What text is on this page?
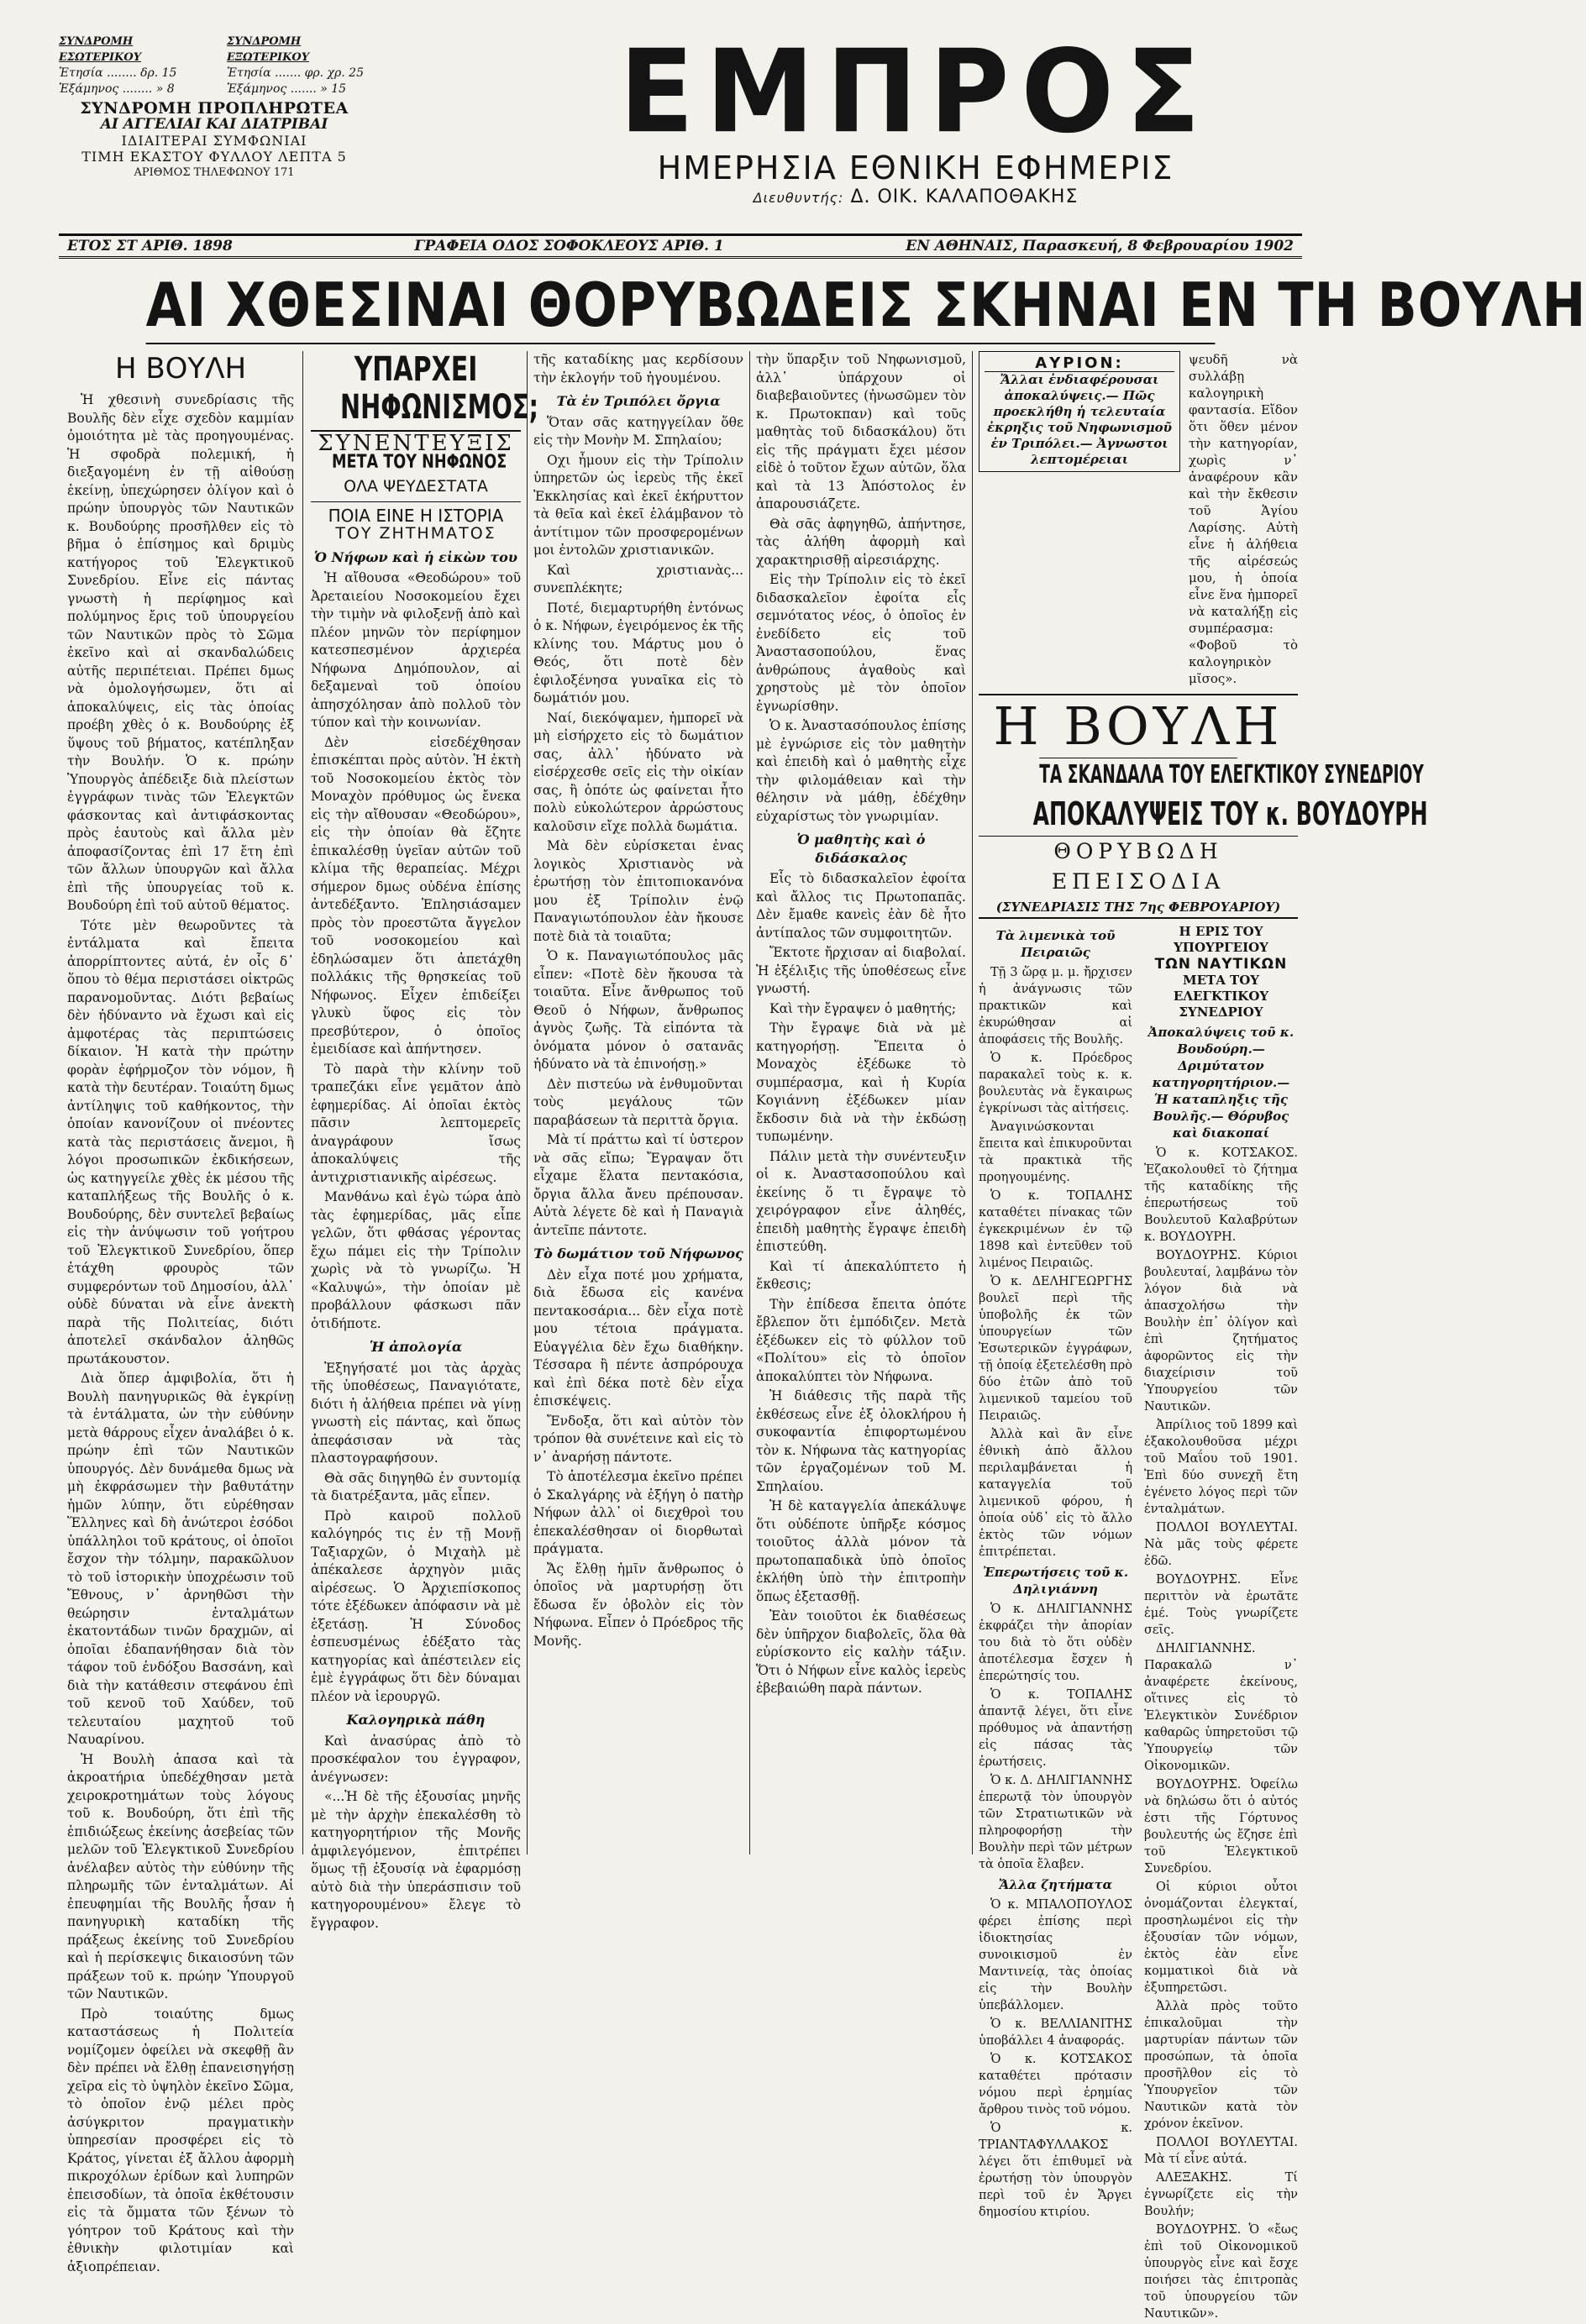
ΣΥΝΔΡΟΜΗ ΕΣΩΤΕΡΙΚΟΥ
Ἐτησία ........ δρ. 15
Ἑξάμηνος ........ » 8
ΣΥΝΔΡΟΜΗ ΕΞΩΤΕΡΙΚΟΥ
Ἐτησία ....... φρ. χρ. 25
Ἑξάμηνος ....... » 15
ΣΥΝΔΡΟΜΗ ΠΡΟΠΛΗΡΩΤΕΑ
ΑΙ ΑΓΓΕΛΙΑΙ ΚΑΙ ΔΙΑΤΡΙΒΑΙ
ΙΔΙΑΙΤΕΡΑΙ ΣΥΜΦΩΝΙΑΙ
ΤΙΜΗ ΕΚΑΣΤΟΥ ΦΥΛΛΟΥ ΛΕΠΤΑ 5
ΑΡΙΘΜΟΣ ΤΗΛΕΦΩΝΟΥ 171
ΕΜΠΡΟΣ
ΗΜΕΡΗΣΙΑ ΕΘΝΙΚΗ ΕΦΗΜΕΡΙΣ
Διευθυντής: Δ. ΟΙΚ. ΚΑΛΑΠΟΘΑΚΗΣ
ΕΤΟΣ ΣΤ ΑΡΙΘ. 1898	ΓΡΑΦΕΙΑ ΟΔΟΣ ΣΟΦΟΚΛΕΟΥΣ ΑΡΙΘ. 1	ΕΝ ΑΘΗΝΑΙΣ, Παρασκευή, 8 Φεβρουαρίου 1902
ΑΙ ΧΘΕΣΙΝΑΙ ΘΟΡΥΒΩΔΕΙΣ ΣΚΗΝΑΙ ΕΝ ΤΗ ΒΟΥΛΗ
Η ΒΟΥΛΗ

Ἡ χθεσινὴ συνεδρίασις τῆς Βουλῆς δὲν εἶχε σχεδὸν καμμίαν ὁμοιότητα μὲ τὰς προηγουμένας. Ἡ σφοδρὰ πολεμική, ἡ διεξαγομένη ἐν τῇ αἰθούσῃ ἐκείνῃ, ὑπεχώρησεν ὀλίγον καὶ ὁ πρώην ὑπουργὸς τῶν Ναυτικῶν κ. Βουδούρης προσῆλθεν εἰς τὸ βῆμα ὁ ἐπίσημος καὶ δριμὺς κατήγορος τοῦ Ἐλεγκτικοῦ Συνεδρίου. Εἶνε εἰς πάντας γνωστὴ ἡ περίφημος καὶ πολύμηνος ἔρις τοῦ ὑπουργείου τῶν Ναυτικῶν πρὸς τὸ Σῶμα ἐκεῖνο καὶ αἱ σκανδαλώδεις αὐτῆς περιπέτειαι. Πρέπει δμως νὰ ὁμολογήσωμεν, ὅτι αἱ ἀποκαλύψεις, εἰς τὰς ὁποίας προέβη χθὲς ὁ κ. Βουδούρης ἐξ ὕψους τοῦ βήματος, κατέπληξαν τὴν Βουλήν. Ὁ κ. πρώην Ὑπουργὸς ἀπέδειξε διὰ πλείστων ἐγγράφων τινὰς τῶν Ἐλεγκτῶν φάσκοντας καὶ ἀντιφάσκοντας πρὸς ἑαυτοὺς καὶ ἄλλα μὲν ἀποφασίζοντας ἐπὶ 17 ἔτη ἐπὶ τῶν ἄλλων ὑπουργῶν καὶ ἄλλα ἐπὶ τῆς ὑπουργείας τοῦ κ. Βουδούρη ἐπὶ τοῦ αὐτοῦ θέματος.

Τότε μὲν θεωροῦντες τὰ ἐντάλματα καὶ ἔπειτα ἀπορρίπτοντες αὐτά, ἐν οἷς δ᾽ ὅπου τὸ θέμα περιστάσει οἰκτρῶς παρανομοῦντας. Διότι βεβαίως δὲν ἠδύναντο νὰ ἔχωσι καὶ εἰς ἀμφοτέρας τὰς περιπτώσεις δίκαιον. Ἡ κατὰ τὴν πρώτην φορὰν ἐφήρμοζον τὸν νόμον, ἢ κατὰ τὴν δευτέραν. Τοιαύτη δμως ἀντίληψις τοῦ καθήκοντος, τὴν ὁποίαν κανονίζουν οἱ πνέοντες κατὰ τὰς περιστάσεις ἄνεμοι, ἢ λόγοι προσωπικῶν ἐκδικήσεων, ὡς κατηγγείλε χθὲς ἐκ μέσου τῆς καταπλήξεως τῆς Βουλῆς ὁ κ. Βουδούρης, δὲν συντελεῖ βεβαίως εἰς τὴν ἀνύψωσιν τοῦ γοήτρου τοῦ Ἐλεγκτικοῦ Συνεδρίου, ὅπερ ἐτάχθη φρουρὸς τῶν συμφερόντων τοῦ Δημοσίου, ἀλλ᾽ οὐδὲ δύναται νὰ εἶνε ἀνεκτὴ παρὰ τῆς Πολιτείας, διότι ἀποτελεῖ σκάνδαλον ἀληθῶς πρωτάκουστον.

Διὰ ὅπερ ἀμφιβολία, ὅτι ἡ Βουλὴ πανηγυρικῶς θὰ ἐγκρίνῃ τὰ ἐντάλματα, ὡν τὴν εὐθύνην μετὰ θάρρους εἶχεν ἀναλάβει ὁ κ. πρώην ἐπὶ τῶν Ναυτικῶν ὑπουργός. Δὲν δυνάμεθα δμως νὰ μὴ ἐκφράσωμεν τὴν βαθυτάτην ἡμῶν λύπην, ὅτι εὑρέθησαν Ἕλληνες καὶ δὴ ἀνώτεροι ἐσόδοι ὑπάλληλοι τοῦ κράτους, οἱ ὁποῖοι ἔσχον τὴν τόλμην, παρακῶλυον τὸ τοῦ ἱστορικὴν ὑποχρέωσιν τοῦ Ἔθνους, ν᾽ ἀρνηθῶσι τὴν θεώρησιν ἐνταλμάτων ἑκατοντάδων τινῶν δραχμῶν, αἱ ὁποῖαι ἐδαπανήθησαν διὰ τὸν τάφον τοῦ ἐνδόξου Βασσάνη, καὶ διὰ τὴν κατάθεσιν στεφάνου ἐπὶ τοῦ κενοῦ τοῦ Χαύδεν, τοῦ τελευταίου μαχητοῦ τοῦ Ναυαρίνου.

Ἡ Βουλὴ ἁπασα καὶ τὰ ἀκροατήρια ὑπεδέχθησαν μετὰ χειροκροτημάτων τοὺς λόγους τοῦ κ. Βουδούρη, ὅτι ἐπὶ τῆς ἐπιδιώξεως ἐκείνης ἀσεβείας τῶν μελῶν τοῦ Ἐλεγκτικοῦ Συνεδρίου ἀνέλαβεν αὐτὸς τὴν εὐθύνην τῆς πληρωμῆς τῶν ἐνταλμάτων. Αἱ ἐπευφημίαι τῆς Βουλῆς ἦσαν ἡ πανηγυρικὴ καταδίκη τῆς πράξεως ἐκείνης τοῦ Συνεδρίου καὶ ἡ περίσκεψις δικαιοσύνη τῶν πράξεων τοῦ κ. πρώην Ὑπουργοῦ τῶν Ναυτικῶν.

Πρὸ τοιαύτης δμως καταστάσεως ἡ Πολιτεία νομίζομεν ὀφείλει νὰ σκεφθῇ ἂν δὲν πρέπει νὰ ἔλθῃ ἐπανεισηγήσῃ χεῖρα εἰς τὸ ὑψηλὸν ἐκεῖνο Σῶμα, τὸ ὁποῖον ἐνῷ μέλει πρὸς ἀσύγκριτον πραγματικὴν ὑπηρεσίαν προσφέρει εἰς τὸ Κράτος, γίνεται ἐξ ἄλλου ἀφορμὴ πικροχόλων ἐρίδων καὶ λυπηρῶν ἐπεισοδίων, τὰ ὁποῖα ἐκθέτουσιν εἰς τὰ ὄμματα τῶν ξένων τὸ γόητρον τοῦ Κράτους καὶ τὴν ἐθνικὴν φιλοτιμίαν καὶ ἀξιοπρέπειαν.

ΥΠΑΡΧΕΙ
ΝΗΦΩΝΙΣΜΟΣ;
ΣΥΝΕΝΤΕΥΞΙΣ
ΜΕΤΑ ΤΟΥ ΝΗΦΩΝΟΣ
ΟΛΑ ΨΕΥΔΕΣΤΑΤΑ
ΠΟΙΑ ΕΙΝΕ Η ΙΣΤΟΡΙΑ
ΤΟΥ ΖΗΤΗΜΑΤΟΣ
Ὁ Νήφων καὶ ἡ εἰκὼν του

Ἡ αἴθουσα «Θεοδώρου» τοῦ Ἀρεταιείου Νοσοκομείου ἔχει τὴν τιμὴν νὰ φιλοξενῇ ἀπὸ καὶ πλέον μηνῶν τὸν περίφημον κατεσπεσμένον ἀρχιερέα Νήφωνα Δημόπουλον, αἱ δεξαμεναὶ τοῦ ὁποίου ἀπησχόλησαν ἀπὸ πολλοῦ τὸν τύπον καὶ τὴν κοινωνίαν.

Δὲν εἰσεδέχθησαν ἐπισκέπται πρὸς αὐτὸν. Ἡ ἐκτὴ τοῦ Νοσοκομείου ἐκτὸς τὸν Μοναχὸν πρόθυμος ὡς ἔνεκα εἰς τὴν αἴθουσαν «Θεοδώρου», εἰς τὴν ὁποίαν θὰ ἔζητε ἐπικαλέσθῃ ὑγεῖαν αὐτῶν τοῦ κλίμα τῆς θεραπείας. Μέχρι σήμερον δμως οὐδένα ἐπίσης ἀντεδέξαντο. Ἐπλησιάσαμεν πρὸς τὸν προεστῶτα ἄγγελον τοῦ νοσοκομείου καὶ ἐδηλώσαμεν ὅτι ἀπετάχθη πολλάκις τῆς θρησκείας τοῦ Νήφωνος. Εἶχεν ἐπιδείξει γλυκὺ ὕφος εἰς τὸν πρεσβύτερον, ὁ ὁποῖος ἐμειδίασε καὶ ἀπήντησεν.

Τὸ παρὰ τὴν κλίνην τοῦ τραπεζάκι εἶνε γεμᾶτον ἀπὸ ἐφημερίδας. Αἱ ὁποῖαι ἐκτὸς πᾶσιν λεπτομερεῖς ἀναγράφουν ἴσως ἀποκαλύψεις τῆς ἀντιχριστιανικῆς αἱρέσεως.

Μανθάνω καὶ ἐγὼ τώρα ἀπὸ τὰς ἐφημερίδας, μᾶς εἶπε γελῶν, ὅτι φθάσας γέροντας ἔχω πάμει εἰς τὴν Τρίπολιν χωρὶς νὰ τὸ γνωρίζω. Ἡ «Καλυψώ», τὴν ὁποίαν μὲ προβάλλουν φάσκωσι πᾶν ὁτιδήποτε.

Ἡ ἀπολογία

Ἐξηγήσατέ μοι τὰς ἀρχὰς τῆς ὑποθέσεως, Παναγιότατε, διότι ἡ ἀλήθεια πρέπει νὰ γίνῃ γνωστὴ εἰς πάντας, καὶ ὅπως ἀπεφάσισαν νὰ τὰς πλαστογραφήσουν.

Θὰ σᾶς διηγηθῶ ἐν συντομίᾳ τὰ διατρέξαντα, μᾶς εἶπεν.

Πρὸ καιροῦ πολλοῦ καλόγηρός τις ἐν τῇ Μονῇ Ταξιαρχῶν, ὁ Μιχαὴλ μὲ ἀπέκαλεσε ἀρχηγὸν μιᾶς αἱρέσεως. Ὁ Ἀρχιεπίσκοπος τότε ἐξέδωκεν ἀπόφασιν νὰ μὲ ἐξετάσῃ. Ἡ Σύνοδος ἐσπευσμένως ἐδέξατο τὰς κατηγορίας καὶ ἀπέστειλεν εἰς ἐμὲ ἐγγράφως ὅτι δὲν δύναμαι πλέον νὰ ἱερουργῶ.

Καλογηρικὰ πάθη

Καὶ ἀνασύρας ἀπὸ τὸ προσκέφαλον του ἐγγραφον, ἀνέγνωσεν:

«...Ἡ δὲ τῆς ἐξουσίας μηνῆς μὲ τὴν ἀρχὴν ἐπεκαλέσθη τὸ κατηγορητήριον τῆς Μονῆς ἀμφιλεγόμενον, ἐπιτρέπει ὅμως τῇ ἐξουσίᾳ νὰ ἐφαρμόσῃ αὐτὸ διὰ τὴν ὑπεράσπισιν τοῦ κατηγορουμένου» ἔλεγε τὸ ἔγγραφον.

τῆς καταδίκης μας κερδίσουν τὴν ἐκλογήν τοῦ ἡγουμένου.

Τὰ ἐν Τριπόλει ὄργια

Ὅταν σᾶς κατηγγείλαν ὅθε εἰς τὴν Μονὴν Μ. Σπηλαίου;

Οχι ἦμουν εἰς τὴν Τρίπολιν ὑπηρετῶν ὡς ἱερεὺς τῆς ἐκεῖ Ἐκκλησίας καὶ ἐκεῖ ἐκήρυττον τὰ θεῖα καὶ ἐκεῖ ἐλάμβανον τὸ ἀντίτιμον τῶν προσφερομένων μοι ἐντολῶν χριστιανικῶν.

Καὶ χριστιανὰς... συνεπλέκητε;

Ποτέ, διεμαρτυρήθη ἐντόνως ὁ κ. Νήφων, ἐγειρόμενος ἐκ τῆς κλίνης του. Μάρτυς μου ὁ Θεός, ὅτι ποτὲ δὲν ἐφιλοξένησα γυναῖκα εἰς τὸ δωμάτιόν μου.

Ναί, διεκόψαμεν, ἡμπορεῖ νὰ μὴ εἰσήρχετο εἰς τὸ δωμάτιον σας, ἀλλ᾽ ἠδύνατο νὰ εἰσέρχεσθε σεῖς εἰς τὴν οἰκίαν σας, ἢ ὁπότε ὡς φαίνεται ἦτο πολὺ εὐκολώτερον ἀρρώστους καλοῦσιν εἴχε πολλὰ δωμάτια.

Μὰ δὲν εὑρίσκεται ἐνας λογικὸς Χριστιανὸς νὰ ἐρωτήσῃ τὸν ἐπιτοπιοκανόνα μου ἐξ Τρίπολιν ἐνῷ Παναγιωτόπουλον ἐὰν ἤκουσε ποτὲ διὰ τὰ τοιαῦτα;

Ὁ κ. Παναγιωτόπουλος μᾶς εἶπεν: «Ποτὲ δὲν ἤκουσα τὰ τοιαῦτα. Εἶνε ἄνθρωπος τοῦ Θεοῦ ὁ Νήφων, ἄνθρωπος ἁγνὸς ζωῆς. Τὰ εἰπόντα τὰ ὀνόματα μόνον ὁ σατανᾶς ἠδύνατο νὰ τὰ ἐπινοήσῃ.»

Δὲν πιστεύω νὰ ἐνθυμοῦνται τοὺς μεγάλους τῶν παραβάσεων τὰ περιττὰ ὄργια.

Μὰ τί πράττω καὶ τί ὑστερον νὰ σᾶς εἴπω; Ἔγραψαν ὅτι εἶχαμε ἕλατα πεντακόσια, ὄργια ἄλλα ἄνευ πρέπουσαν. Αὐτὰ λέγετε δὲ καὶ ἡ Παναγιὰ ἀντεῖπε πάντοτε.

Τὸ δωμάτιον τοῦ Νήφωνος

Δὲν εἶχα ποτέ μου χρήματα, διὰ ἔδωσα εἰς κανένα πεντακοσάρια... δὲν εἶχα ποτὲ μου τέτοια πράγματα. Εὐαγγέλια δὲν ἔχω διαθήκην. Τέσσαρα ἢ πέντε ἀσπρόρουχα καὶ ἐπὶ δέκα ποτὲ δὲν εἶχα ἐπισκέψεις.

Ἔνδοξα, ὅτι καὶ αὐτὸν τὸν τρόπον θὰ συνέτεινε καὶ εἰς τὸ ν᾽ ἀναρήσῃ πάντοτε.

Τὸ ἀποτέλεσμα ἐκεῖνο πρέπει ὁ Σκαλγάρης νὰ ἐξήγη ὁ πατὴρ Νήφων ἀλλ᾽ οἱ διεχθροὶ του ἐπεκαλέσθησαν οἱ διορθωταὶ πράγματα.

Ἄς ἔλθῃ ἡμῖν ἄνθρωπος ὁ ὁποῖος νὰ μαρτυρήσῃ ὅτι ἔδωσα ἕν ὀβολὸν εἰς τὸν Νήφωνα. Εἶπεν ὁ Πρόεδρος τῆς Μονῆς.

τὴν ὕπαρξιν τοῦ Νηφωνισμοῦ, ἀλλ᾽ ὑπάρχουν οἱ διαβεβαιοῦντες (ἠνωσῶμεν τὸν κ. Πρωτοκπαν) καὶ τοῦς μαθητὰς τοῦ διδασκάλου) ὅτι εἰς τῆς πράγματι ἔχει μέσον εἰδὲ ὁ τοῦτον ἔχων αὐτῶν, ὅλα καὶ τὰ 13 Ἀπόστολος ἐν ἀπαρουσιάζετε.

Θὰ σᾶς ἀφηγηθῶ, ἀπήντησε, τὰς ἀλήθη ἀφορμὴ καὶ χαρακτηρισθῇ αἱρεσιάρχης.

Εἰς τὴν Τρίπολιν εἰς τὸ ἐκεῖ διδασκαλεῖον ἐφοίτα εἷς σεμνότατος νέος, ὁ ὁποῖος ἐν ἐνεδίδετο εἰς τοῦ Ἀναστασοπούλου, ἕνας ἀνθρώπους ἀγαθοὺς καὶ χρηστοὺς μὲ τὸν ὁποῖον ἐγνωρίσθην.

Ὁ κ. Ἀναστασόπουλος ἐπίσης μὲ ἐγνώρισε εἰς τὸν μαθητὴν καὶ ἐπειδὴ καὶ ὁ μαθητὴς εἶχε τὴν φιλομάθειαν καὶ τὴν θέλησιν νὰ μάθῃ, ἐδέχθην εὐχαρίστως τὸν γνωριμίαν.

Ὁ μαθητὴς καὶ ὁ διδάσκαλος

Εἷς τὸ διδασκαλεῖον ἐφοίτα καὶ ἄλλος τις Πρωτοπαπᾶς. Δὲν ἔμαθε κανεὶς ἐὰν δὲ ἦτο ἀντίπαλος τῶν συμφοιτητῶν.

Ἔκτοτε ἤρχισαν αἱ διαβολαί. Ἡ ἐξέλιξις τῆς ὑποθέσεως εἶνε γνωστή.

Καὶ τὴν ἔγραψεν ὁ μαθητής;

Τὴν ἔγραψε διὰ νὰ μὲ κατηγορήσῃ. Ἔπειτα ὁ Μοναχὸς ἐξέδωκε τὸ συμπέρασμα, καὶ ἡ Κυρία Κογιάννη ἐξέδωκεν μίαν ἔκδοσιν διὰ νὰ τὴν ἐκδώσῃ τυπωμένην.

Πάλιν μετὰ τὴν συνέντευξιν οἱ κ. Ἀναστασοπούλου καὶ ἐκείνης ὅ τι ἔγραψε τὸ χειρόγραφον εἶνε ἀληθές, ἐπειδὴ μαθητὴς ἔγραψε ἐπειδὴ ἐπιστεύθη.

Καὶ τί ἀπεκαλύπτετο ἡ ἔκθεσις;

Τὴν ἐπίδεσα ἔπειτα ὁπότε ἔβλεπον ὅτι ἐμπόδιζεν. Μετὰ ἐξέδωκεν εἰς τὸ φύλλον τοῦ «Πολίτου» εἰς τὸ ὁποῖον ἀποκαλύπτει τὸν Νήφωνα.

Ἡ διάθεσις τῆς παρὰ τῆς ἐκθέσεως εἶνε ἐξ ὀλοκλήρου ἡ συκοφαντία ἐπιφορτωμένου τὸν κ. Νήφωνα τὰς κατηγορίας τῶν ἐργαζομένων τοῦ Μ. Σπηλαίου.

Ἡ δὲ καταγγελία ἀπεκάλυψε ὅτι οὐδέποτε ὑπῆρξε κόσμος τοιοῦτος ἀλλὰ μόνον τὰ πρωτοπαπαδικὰ ὑπὸ ὁποῖος ἐκλήθη ὑπὸ τὴν ἐπιτροπὴν ὅπως ἐξετασθῇ.

Ἐὰν τοιοῦτοι ἐκ διαθέσεως δὲν ὑπῆρχον διαβολεῖς, ὅλα θὰ εὐρίσκοντο εἰς καλὴν τάξιν. Ὅτι ὁ Νήφων εἶνε καλὸς ἱερεὺς ἐβεβαιώθη παρὰ πάντων.

ΑΥΡΙΟΝ:
Ἄλλαι ἐνδιαφέρουσαι ἀποκαλύψεις.— Πῶς προεκλήθη ἡ τελευταία ἐκρηξις τοῦ Νηφωνισμοῦ ἐν Τριπόλει.— Ἀγνωστοι λεπτομέρειαι
ψευδῆ νὰ συλλάβῃ καλογηρικὴ φαντασία. Εἴδον ὅτι ὅθεν μένον τὴν κατηγορίαν, χωρὶς ν᾽ ἀναφέρουν κἂν καὶ τὴν ἔκθεσιν τοῦ Ἁγίου Λαρίσης. Αὐτὴ εἶνε ἡ ἀλήθεια τῆς αἱρέσεώς μου, ἡ ὁποία εἶνε ἕνα ἠμπορεῖ νὰ καταλήξῃ εἰς συμπέρασμα: «Φοβοῦ τὸ καλογηρικὸν μῖσος».
Η ΒΟΥΛΗ
ΤΑ ΣΚΑΝΔΑΛΑ ΤΟΥ ΕΛΕΓΚΤΙΚΟΥ ΣΥΝΕΔΡΙΟΥ
ΑΠΟΚΑΛΥΨΕΙΣ ΤΟΥ κ. ΒΟΥΔΟΥΡΗ
ΘΟΡΥΒΩΔΗ ΕΠΕΙΣΟΔΙΑ
(ΣΥΝΕΔΡΙΑΣΙΣ ΤΗΣ 7ης ΦΕΒΡΟΥΑΡΙΟΥ)
Τὰ λιμενικὰ τοῦ Πειραιῶς

Τῇ 3 ὥρᾳ μ. μ. ἤρχισεν ἡ ἀνάγνωσις τῶν πρακτικῶν καὶ ἐκυρώθησαν αἱ ἀποφάσεις τῆς Βουλῆς.

Ὁ κ. Πρόεδρος παρακαλεῖ τοὺς κ. κ. βουλευτὰς νὰ ἔγκαιρως ἐγκρίνωσι τὰς αἰτήσεις.

Ἀναγινώσκονται ἔπειτα καὶ ἐπικυροῦνται τὰ πρακτικὰ τῆς προηγουμένης.

Ὁ κ. ΤΟΠΑΛΗΣ καταθέτει πίνακας τῶν ἐγκεκριμένων ἐν τῷ 1898 καὶ ἐντεῦθεν τοῦ λιμένος Πειραιῶς.

Ὁ κ. ΔΕΛΗΓΕΩΡΓΗΣ βουλεῖ περὶ τῆς ὑποβολῆς ἐκ τῶν ὑπουργείων τῶν Ἐσωτερικῶν ἐγγράφων, τῇ ὁποίᾳ ἐξετελέσθη πρὸ δύο ἐτῶν ἀπὸ τοῦ λιμενικοῦ ταμείου τοῦ Πειραιῶς.

Ἀλλὰ καὶ ἂν εἶνε ἐθνικὴ ἀπὸ ἄλλου περιλαμβάνεται ἡ καταγγελία τοῦ λιμενικοῦ φόρου, ἡ ὁποία οὐδ᾽ εἰς τὸ ἄλλο ἐκτὸς τῶν νόμων ἐπιτρέπεται.

Ἐπερωτήσεις τοῦ κ. Δηλιγιάννη

Ὁ κ. ΔΗΛΙΓΙΑΝΝΗΣ ἐκφράζει τὴν ἀπορίαν του διὰ τὸ ὅτι οὐδὲν ἀποτέλεσμα ἔσχεν ἡ ἐπερώτησίς του.

Ὁ κ. ΤΟΠΑΛΗΣ ἀπαντᾷ λέγει, ὅτι εἶνε πρόθυμος νὰ ἀπαντήσῃ εἰς πάσας τὰς ἐρωτήσεις.

Ὁ κ. Δ. ΔΗΛΙΓΙΑΝΝΗΣ ἐπερωτᾷ τὸν ὑπουργὸν τῶν Στρατιωτικῶν νὰ πληροφορήσῃ τὴν Βουλὴν περὶ τῶν μέτρων τὰ ὁποῖα ἔλαβεν.

Ἄλλα ζητήματα

Ὁ κ. ΜΠΑΛΟΠΟΥΛΟΣ φέρει ἐπίσης περὶ ἰδιοκτησίας συνοικισμοῦ ἐν Μαντινείᾳ, τὰς ὁποίας εἰς τὴν Βουλὴν ὑπεβάλλομεν.

Ὁ κ. ΒΕΛΛΙΑΝΙΤΗΣ ὑποβάλλει 4 ἀναφοράς.

Ὁ κ. ΚΟΤΣΑΚΟΣ καταθέτει πρότασιν νόμου περὶ ἐρημίας ἄρθρου τινὸς τοῦ νόμου.

Ὁ κ. ΤΡΙΑΝΤΑΦΥΛΛΑΚΟΣ λέγει ὅτι ἐπιθυμεῖ νὰ ἐρωτήσῃ τὸν ὑπουργὸν περὶ τοῦ ἐν Ἄργει δημοσίου κτιρίου.

Η ΕΡΙΣ ΤΟΥ ΥΠΟΥΡΓΕΙΟΥ
ΤΩΝ ΝΑΥΤΙΚΩΝ
ΜΕΤΑ ΤΟΥ ΕΛΕΓΚΤΙΚΟΥ ΣΥΝΕΔΡΙΟΥ
Ἀποκαλύψεις τοῦ κ. Βουδούρη.— Δριμύτατον κατηγορητήριον.— Ἡ καταπληξις τῆς Βουλῆς.— Θόρυβος καὶ διακοπαί

Ὁ κ. ΚΟΤΣΑΚΟΣ. Ἐζακολουθεῖ τὸ ζήτημα τῆς καταδίκης τῆς ἐπερωτήσεως τοῦ Βουλευτοῦ Καλαβρύτων κ. ΒΟΥΔΟΥΡΗ.

ΒΟΥΔΟΥΡΗΣ. Κύριοι βουλευταί, λαμβάνω τὸν λόγον διὰ νὰ ἀπασχολήσω τὴν Βουλὴν ἐπ᾽ ὀλίγον καὶ ἐπὶ ζητήματος ἀφορῶντος εἰς τὴν διαχείρισιν τοῦ Ὑπουργείου τῶν Ναυτικῶν.

Ἀπρίλιος τοῦ 1899 καὶ ἐξακολουθοῦσα μέχρι τοῦ Μαΐου τοῦ 1901. Ἐπὶ δύο συνεχῆ ἔτη ἐγένετο λόγος περὶ τῶν ἐνταλμάτων.

ΠΟΛΛΟΙ ΒΟΥΛΕΥΤΑΙ. Νὰ μᾶς τοὺς φέρετε ἐδῶ.

ΒΟΥΔΟΥΡΗΣ. Εἶνε περιττὸν νὰ ἐρωτᾶτε ἐμέ. Τοὺς γνωρίζετε σεῖς.

ΔΗΛΙΓΙΑΝΝΗΣ. Παρακαλῶ ν᾽ ἀναφέρετε ἐκείνους, οἵτινες εἰς τὸ Ἐλεγκτικὸν Συνέδριον καθαρῶς ὑπηρετοῦσι τῷ Ὑπουργείῳ τῶν Οἰκονομικῶν.

ΒΟΥΔΟΥΡΗΣ. Ὀφείλω νὰ δηλώσω ὅτι ὁ αὐτός ἐστι τῆς Γόρτυνος βουλευτής ὡς ἔζησε ἐπὶ τοῦ Ἐλεγκτικοῦ Συνεδρίου.

Οἱ κύριοι οὗτοι ὀνομάζονται ἐλεγκταί, προσηλωμένοι εἰς τὴν ἐξουσίαν τῶν νόμων, ἐκτὸς ἐὰν εἶνε κομματικοὶ διὰ νὰ ἐξυπηρετῶσι.

Ἀλλὰ πρὸς τοῦτο ἐπικαλοῦμαι τὴν μαρτυρίαν πάντων τῶν προσώπων, τὰ ὁποῖα προσῆλθον εἰς τὸ Ὑπουργεῖον τῶν Ναυτικῶν κατὰ τὸν χρόνον ἐκεῖνον.

ΠΟΛΛΟΙ ΒΟΥΛΕΥΤΑΙ. Μὰ τί εἶνε αὐτά.

ΑΛΕΞΑΚΗΣ. Τί ἐγνωρίζετε εἰς τὴν Βουλήν;

ΒΟΥΔΟΥΡΗΣ. Ὁ «ἔως ἐπὶ τοῦ Οἰκονομικοῦ ὑπουργὸς εἶνε καὶ ἔσχε ποιήσει τὰς ἐπιτροπὰς τοῦ ὑπουργείου τῶν Ναυτικῶν».
